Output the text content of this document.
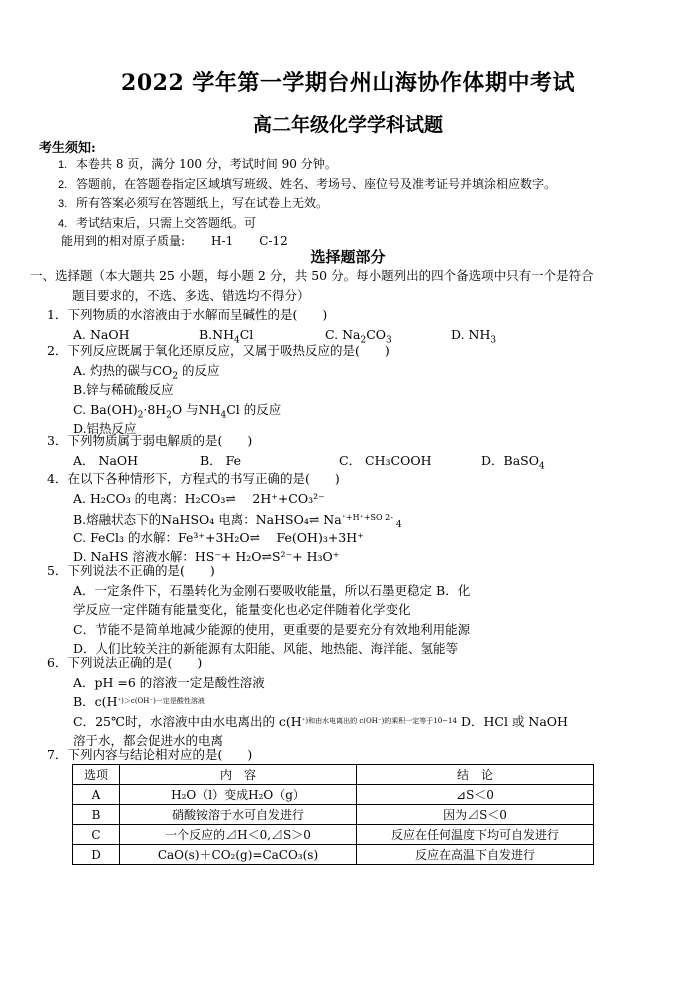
2022 学年第一学期台州山海协作体期中考试
高二年级化学学科试题
考生须知:
1. 本卷共 8 页，满分 100 分，考试时间 90 分钟。
2. 答题前，在答题卷指定区域填写班级、姓名、考场号、座位号及准考证号并填涂相应数字。
3. 所有答案必须写在答题纸上，写在试卷上无效。
4. 考试结束后，只需上交答题纸。可
能用到的相对原子质量: H-1 C-12
选择题部分
一、选择题（本大题共 25 小题，每小题 2 分，共 50 分。每小题列出的四个备选项中只有一个是符合
题目要求的，不选、多选、错选均不得分）
1．下列物质的水溶液由于水解而呈碱性的是(　　)
A. NaOH	$B.NH_4Cl$	C. $Na_2CO_3$	D. $NH_3$
2．下列反应既属于氧化还原反应，又属于吸热反应的是(　　)
A. 灼热的碳与$CO_2$ 的反应
B.锌与稀硫酸反应
C. $Ba(OH)_2\cdot 8H_2O$ 与$NH_4Cl$ 的反应
D.铝热反应
3．下列物质属于弱电解质的是(　　)
A． NaOH	B． Fe	C． CH₃COOH	D．BaSO$_4$
4．在以下各种情形下，方程式的书写正确的是(　　)
A. H₂CO₃ 的电离：H₂CO₃⇌　 2H⁺+CO₃²⁻
B.熔融状态下的NaHSO₄ 电离：NaHSO₄⇌ $Na^{^++H^++SO 2-}_4$
C. FeCl₃ 的水解：Fe³⁺+3H₂O⇌　 Fe(OH)₃+3H⁺
D. NaHS 溶液水解：HS⁻+ H₂O⇌S²⁻+ H₃O⁺
5．下列说法不正确的是(　　)
A．一定条件下，石墨转化为金刚石要吸收能量，所以石墨更稳定 B．化
学反应一定伴随有能量变化，能量变化也必定伴随着化学变化
C．节能不是简单地减少能源的使用，更重要的是要充分有效地利用能源
D．人们比较关注的新能源有太阳能、风能、地热能、海洋能、氢能等
6．下列说法正确的是(　　)
A．pH =6 的溶液一定是酸性溶液
B．$c(H^{^+)>c(OH^-)一定是酸性溶液}$
C．25℃时，水溶液中由水电离出的 $c(H^{^+)和由水电离出的 c(OH^-)的乘积一定等于10-14}$ D．HCl 或 NaOH
溶于水，都会促进水的电离
7．下列内容与结论相对应的是(　　)
选项	内　容	结　论
A	H₂O（l）变成H₂O（g）	⊿S＜0
B	硝酸铵溶于水可自发进行	因为⊿S＜0
C	一个反应的⊿H＜0,⊿S＞0	反应在任何温度下均可自发进行
D	CaO(s)＋CO₂(g)=CaCO₃(s)	反应在高温下自发进行
